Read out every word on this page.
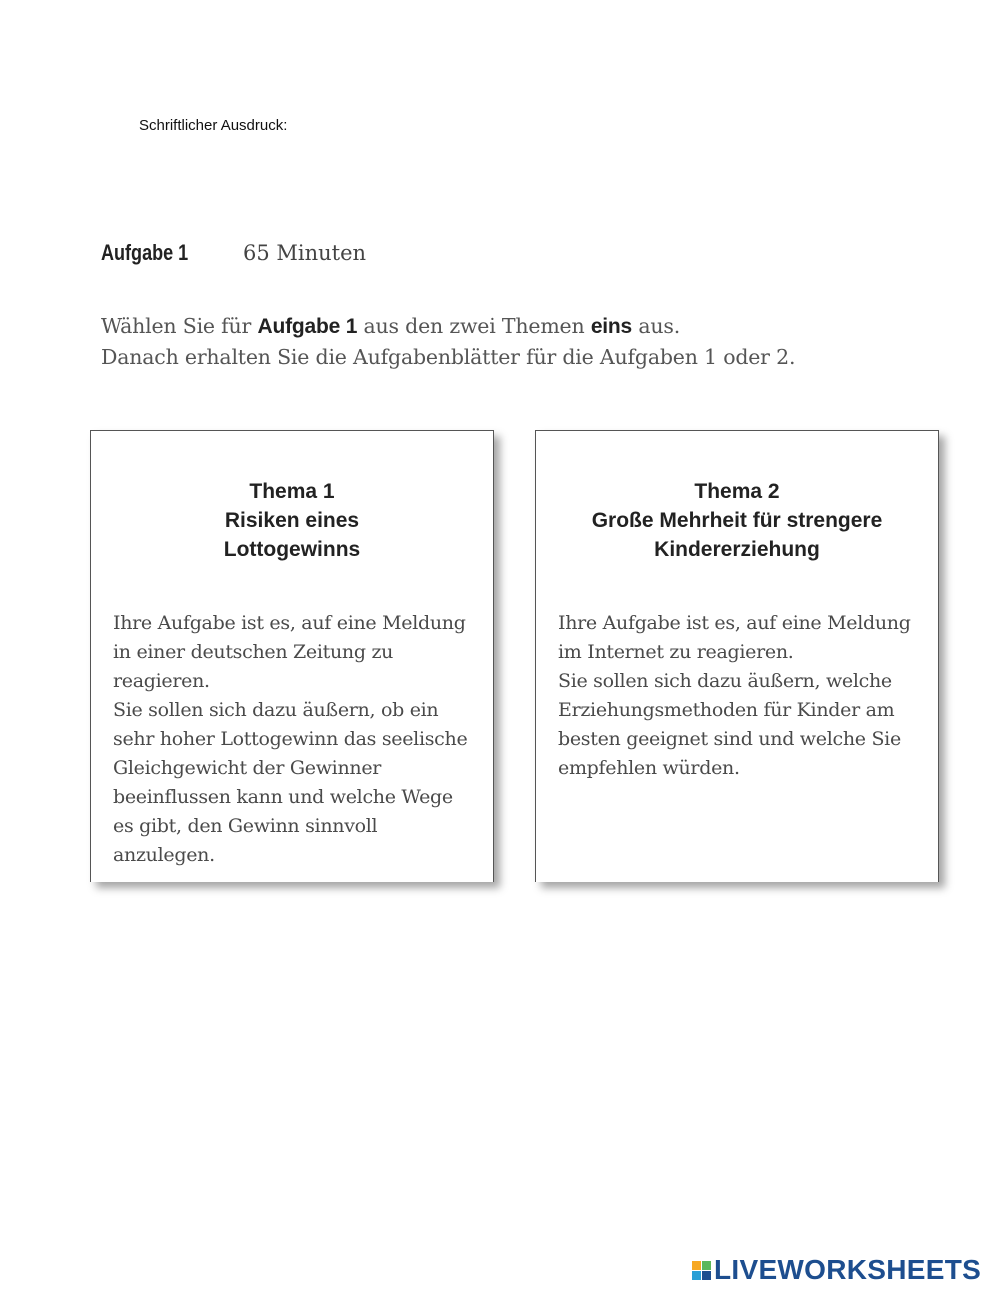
Schriftlicher Ausdruck:
Aufgabe 1	65 Minuten
Wählen Sie für Aufgabe 1 aus den zwei Themen eins aus.
Danach erhalten Sie die Aufgabenblätter für die Aufgaben 1 oder 2.
Thema 1
Risiken eines
Lottogewinns
Ihre Aufgabe ist es, auf eine Meldung
in einer deutschen Zeitung zu
reagieren.
Sie sollen sich dazu äußern, ob ein
sehr hoher Lottogewinn das seelische
Gleichgewicht der Gewinner
beeinflussen kann und welche Wege
es gibt, den Gewinn sinnvoll
anzulegen.
Thema 2
Große Mehrheit für strengere
Kindererziehung
Ihre Aufgabe ist es, auf eine Meldung
im Internet zu reagieren.
Sie sollen sich dazu äußern, welche
Erziehungsmethoden für Kinder am
besten geeignet sind und welche Sie
empfehlen würden.
LIVEWORKSHEETS
